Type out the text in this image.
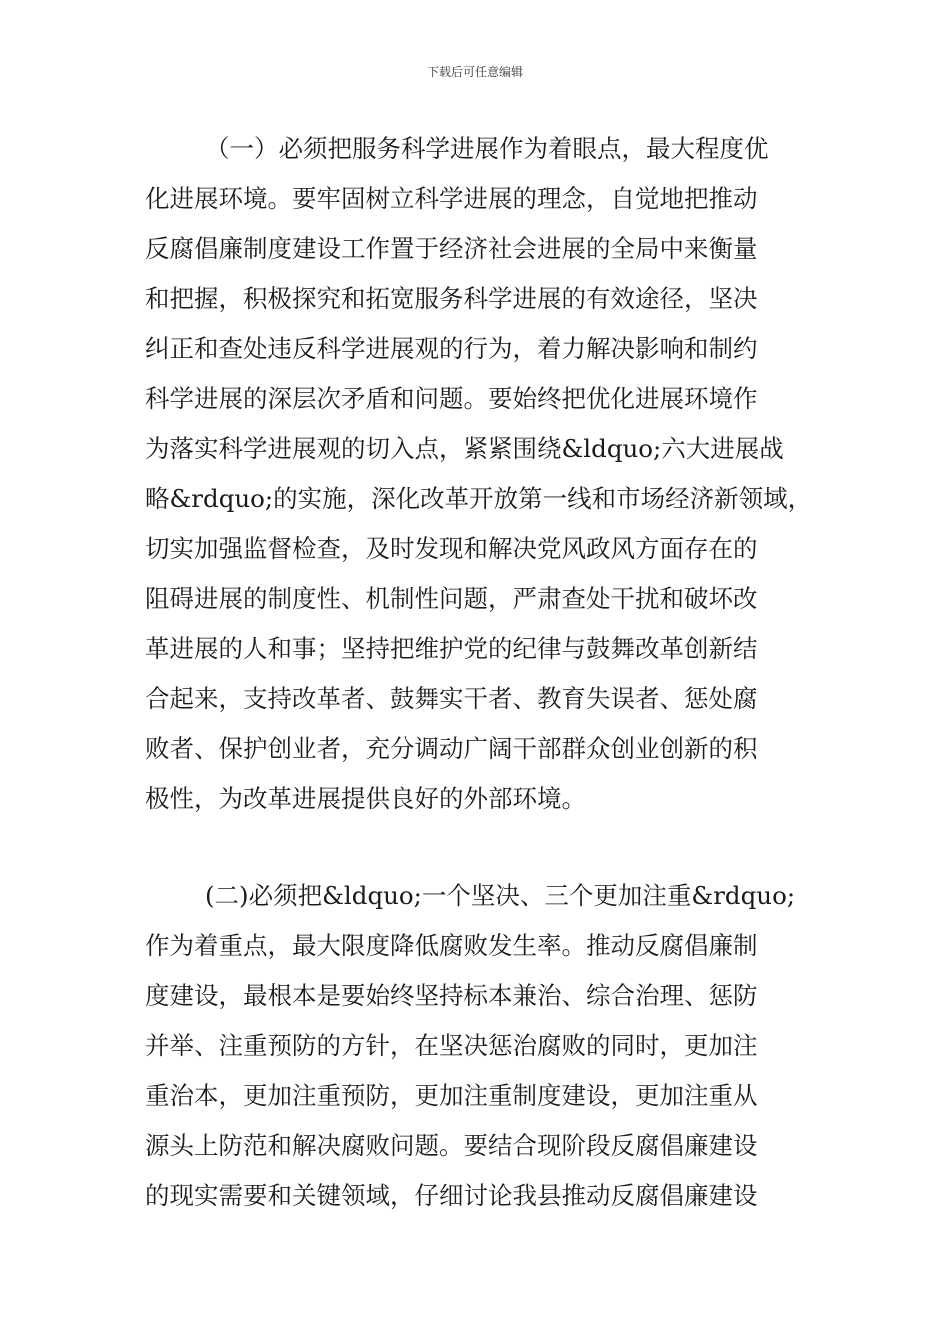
下载后可任意编辑
（一）必须把服务科学进展作为着眼点，最大程度优
化进展环境。要牢固树立科学进展的理念，自觉地把推动
反腐倡廉制度建设工作置于经济社会进展的全局中来衡量
和把握，积极探究和拓宽服务科学进展的有效途径，坚决
纠正和查处违反科学进展观的行为，着力解决影响和制约
科学进展的深层次矛盾和问题。要始终把优化进展环境作
为落实科学进展观的切入点，紧紧围绕&ldquo;六大进展战
略&rdquo;的实施，深化改革开放第一线和市场经济新领域，
切实加强监督检查，及时发现和解决党风政风方面存在的
阻碍进展的制度性、机制性问题，严肃查处干扰和破坏改
革进展的人和事；坚持把维护党的纪律与鼓舞改革创新结
合起来，支持改革者、鼓舞实干者、教育失误者、惩处腐
败者、保护创业者，充分调动广阔干部群众创业创新的积
极性，为改革进展提供良好的外部环境。
(二)必须把&ldquo;一个坚决、三个更加注重&rdquo;
作为着重点，最大限度降低腐败发生率。推动反腐倡廉制
度建设，最根本是要始终坚持标本兼治、综合治理、惩防
并举、注重预防的方针，在坚决惩治腐败的同时，更加注
重治本，更加注重预防，更加注重制度建设，更加注重从
源头上防范和解决腐败问题。要结合现阶段反腐倡廉建设
的现实需要和关键领域，仔细讨论我县推动反腐倡廉建设
